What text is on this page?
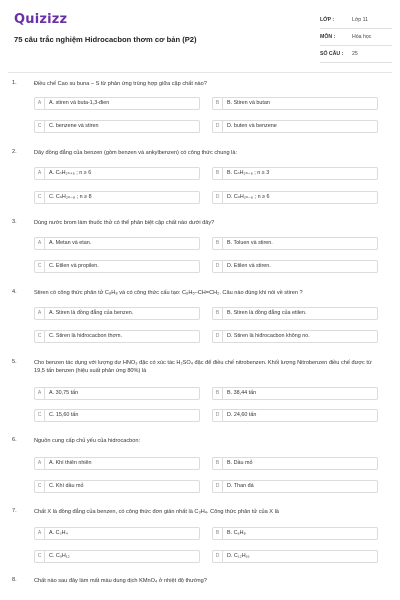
Quizizz
75 câu trắc nghiệm Hidrocacbon thơm cơ bản (P2)
LỚP :	Lớp 11
MÔN :	Hóa học
SỐ CÂU :	25
1.	Điều chế Cao su buna – S từ phản ứng trùng hợp giữa cặp chất nào?
A	A. stiren và buta-1,3-đien	B	B. Stiren và butan
C	C. benzene và stiren	D	D. buten và benzene
2.	Dãy đồng đẳng của benzen (gồm benzen và ankylbenzen) có công thức chung là:
A	A. CₙH₂ₙ₊₆ ; n ≥ 6	B	B. CₙH₂ₙ₋₆ ; n ≥ 3
C	C. CₙH₂ₙ₋₈ ; n ≥ 8	D	D. CₙH₂ₙ₋₆ ; n ≥ 6
3.	Dùng nước brom làm thuốc thử có thể phân biệt cặp chất nào dưới đây?
A	A. Metan và etan.	B	B. Toluen và stiren.
C	C. Etilen và propilen.	D	D. Etilen và stiren.
4.	Stiren có công thức phân tử C₈H₈ và có công thức cấu tạo: C₆H₅–CH=CH₂. Câu nào đúng khi nói về stiren ?
A	A. Stiren là đồng đẳng của benzen.	B	B. Stiren là đồng đẳng của etilen.
C	C. Stiren là hiđrocacbon thơm.	D	D. Stiren là hiđrocacbon không no.
5.	Cho benzen tác dụng với lượng dư HNO₃ đặc có xúc tác H₂SO₄ đặc để điều chế nitrobenzen. Khối lượng Nitrobenzen điều chế được từ 19,5 tấn benzen (hiệu suất phản ứng 80%) là
A	A. 30,75 tấn	B	B. 38,44 tấn
C	C. 15,60 tấn	D	D. 24,60 tấn
6.	Nguồn cung cấp chủ yếu của hidrocacbon:
A	A. Khí thiên nhiên	B	B. Dầu mỏ
C	C. Khí dầu mỏ	D	D. Than đá
7.	Chất X là đồng đẳng của benzen, có công thức đơn giản nhất là C₃H₄. Công thức phân tử của X là
A	A. C₃H₄	B	B. C₆H₈
C	C. C₉H₁₂	D	D. C₁₂H₁₆
8.	Chất nào sau đây làm mất màu dung dịch KMnO₄ ở nhiệt độ thường?
